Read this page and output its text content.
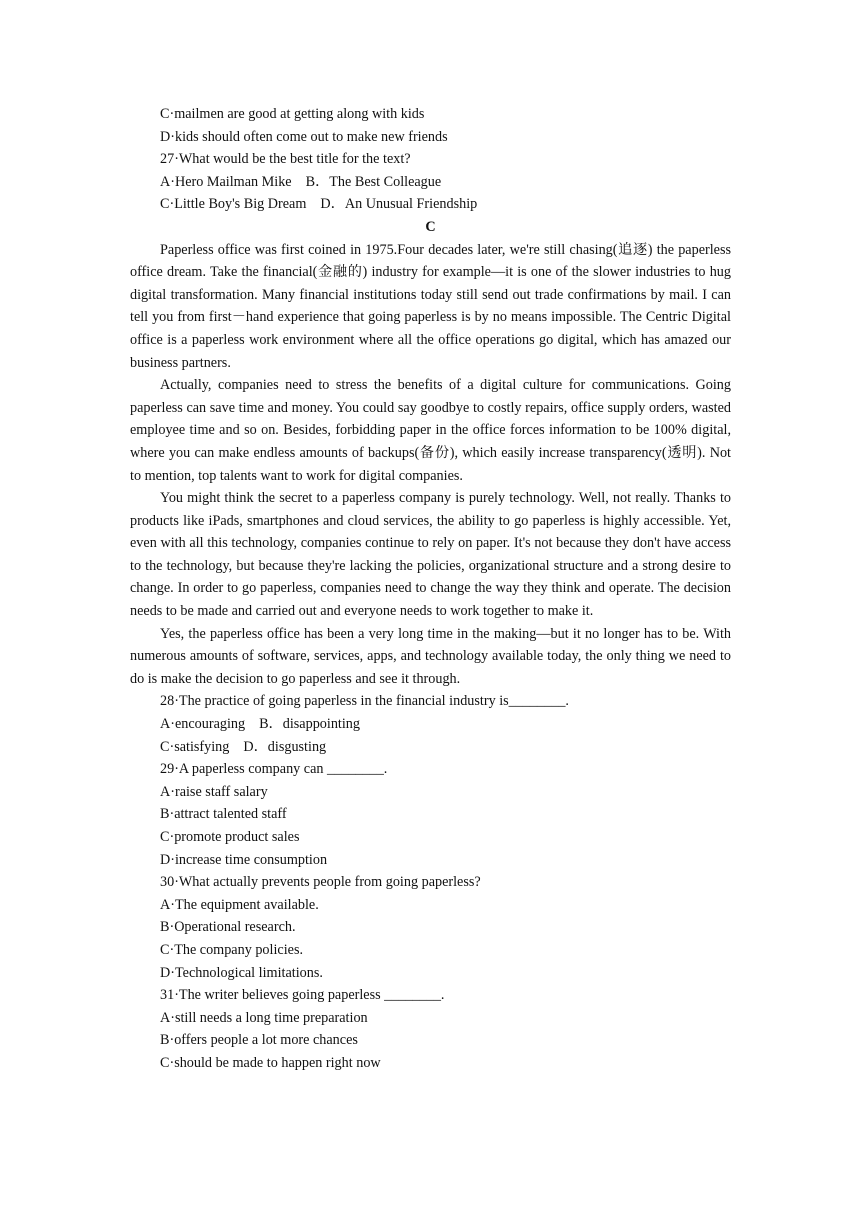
C·mailmen are good at getting along with kids
D·kids should often come out to make new friends
27·What would be the best title for the text?
A·Hero Mailman Mike B．The Best Colleague
C·Little Boy's Big Dream D．An Unusual Friendship
C

Paperless office was first coined in 1975.Four decades later, we're still chasing(追逐) the paperless office dream. Take the financial(金融的) industry for example—it is one of the slower industries to hug digital transformation. Many financial institutions today still send out trade confirmations by mail. I can tell you from first－hand experience that going paperless is by no means impossible. The Centric Digital office is a paperless work environment where all the office operations go digital, which has amazed our business partners.

Actually, companies need to stress the benefits of a digital culture for communications. Going paperless can save time and money. You could say goodbye to costly repairs, office supply orders, wasted employee time and so on. Besides, forbidding paper in the office forces information to be 100% digital, where you can make endless amounts of backups(备份), which easily increase transparency(透明). Not to mention, top talents want to work for digital companies.

You might think the secret to a paperless company is purely technology. Well, not really. Thanks to products like iPads, smartphones and cloud services, the ability to go paperless is highly accessible. Yet, even with all this technology, companies continue to rely on paper. It's not because they don't have access to the technology, but because they're lacking the policies, organizational structure and a strong desire to change. In order to go paperless, companies need to change the way they think and operate. The decision needs to be made and carried out and everyone needs to work together to make it.

Yes, the paperless office has been a very long time in the making—but it no longer has to be. With numerous amounts of software, services, apps, and technology available today, the only thing we need to do is make the decision to go paperless and see it through.

28·The practice of going paperless in the financial industry is________.
A·encouraging B．disappointing
C·satisfying D．disgusting
29·A paperless company can ________.
A·raise staff salary
B·attract talented staff
C·promote product sales
D·increase time consumption
30·What actually prevents people from going paperless?
A·The equipment available.
B·Operational research.
C·The company policies.
D·Technological limitations.
31·The writer believes going paperless ________.
A·still needs a long time preparation
B·offers people a lot more chances
C·should be made to happen right now
